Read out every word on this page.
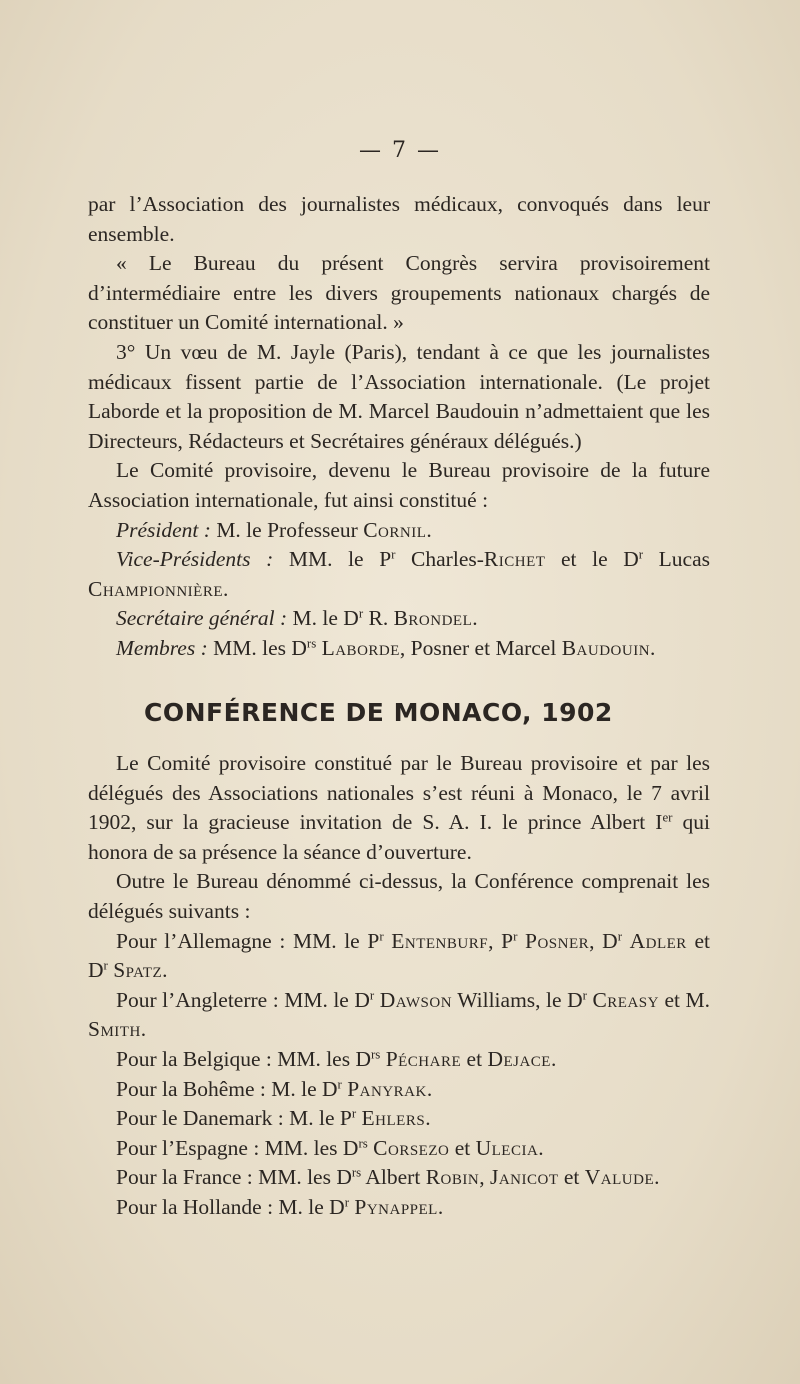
— 7 —

par l’Association des journalistes médicaux, convoqués dans leur ensemble.

« Le Bureau du présent Congrès servira provisoirement d’intermédiaire entre les divers groupements nationaux chargés de constituer un Comité international. »

3° Un vœu de M. Jayle (Paris), tendant à ce que les journalistes médicaux fissent partie de l’Association internationale. (Le projet Laborde et la proposition de M. Marcel Baudouin n’admettaient que les Directeurs, Rédacteurs et Secrétaires généraux délégués.)

Le Comité provisoire, devenu le Bureau provisoire de la future Association internationale, fut ainsi constitué :

Président : M. le Professeur Cornil.

Vice-Présidents : MM. le $P^r$ Charles-Richet et le $D^r$ Lucas Championnière.

Secrétaire général : M. le $D^r$ R. Brondel.

Membres : MM. les $D^{rs}$ Laborde, Posner et Marcel Baudouin.

CONFÉRENCE DE MONACO, 1902

Le Comité provisoire constitué par le Bureau provisoire et par les délégués des Associations nationales s’est réuni à Monaco, le 7 avril 1902, sur la gracieuse invitation de S. A. I. le prince Albert Ier qui honora de sa présence la séance d’ouverture.

Outre le Bureau dénommé ci-dessus, la Conférence comprenait les délégués suivants :

Pour l’Allemagne : MM. le $P^r$ Entenburf, $P^r$ Posner, $D^r$ Adler et $D^r$ Spatz.

Pour l’Angleterre : MM. le $D^r$ Dawson Williams, le $D^r$ Creasy et M. Smith.

Pour la Belgique : MM. les $D^{rs}$ Péchare et Dejace.

Pour la Bohême : M. le $D^r$ Panyrak.

Pour le Danemark : M. le $P^r$ Ehlers.

Pour l’Espagne : MM. les $D^{rs}$ Corsezo et Ulecia.

Pour la France : MM. les $D^{rs}$ Albert Robin, Janicot et Valude.

Pour la Hollande : M. le $D^r$ Pynappel.
